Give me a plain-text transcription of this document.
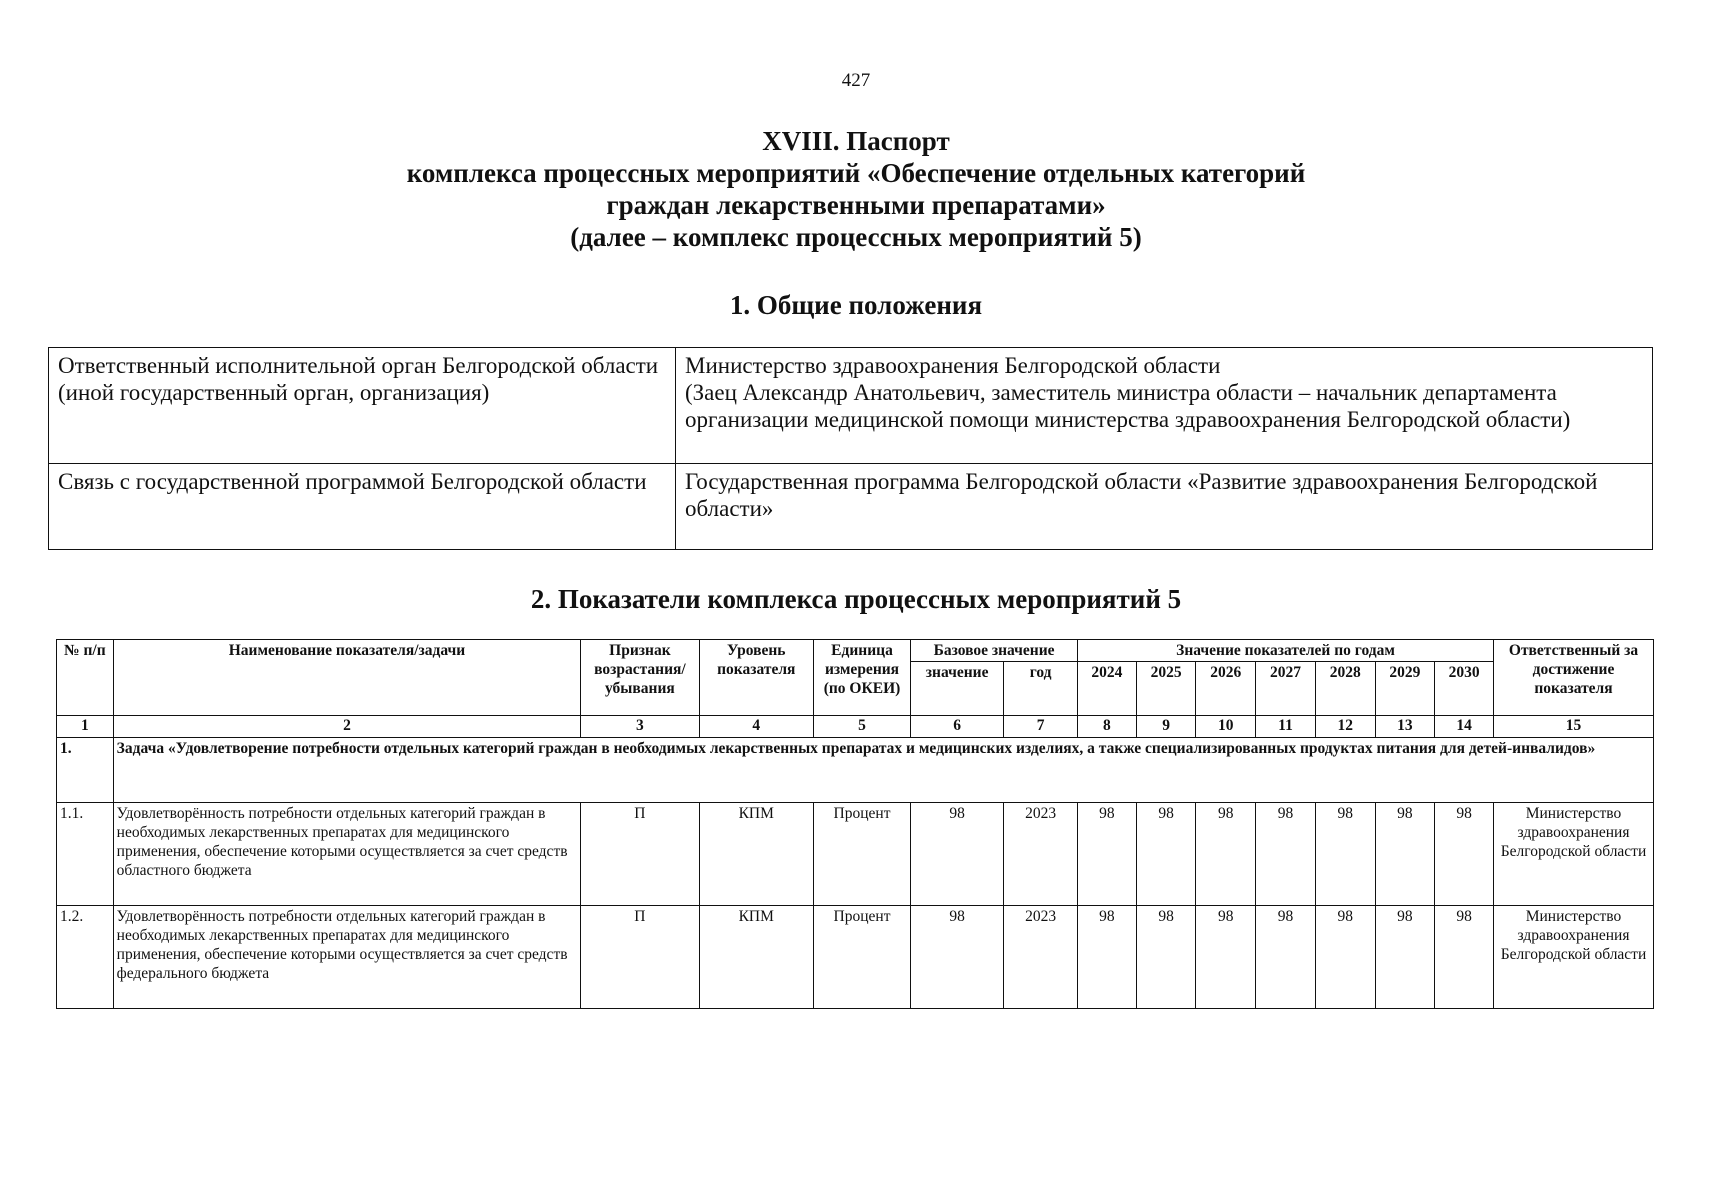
427
XVIII. Паспорт
комплекса процессных мероприятий «Обеспечение отдельных категорий
граждан лекарственными препаратами»
(далее – комплекс процессных мероприятий 5)
1. Общие положения
Ответственный исполнительной орган Белгородской области (иной государственный орган, организация)	Министерство здравоохранения Белгородской области
(Заец Александр Анатольевич, заместитель министра области – начальник департамента организации медицинской помощи министерства здравоохранения Белгородской области)

Связь с государственной программой Белгородской области	Государственная программа Белгородской области «Развитие здравоохранения Белгородской области»
2. Показатели комплекса процессных мероприятий 5
№ п/п	Наименование показателя/задачи	Признак возрастания/ убывания	Уровень показателя	Единица измерения (по ОКЕИ)	Базовое значение		Значение показателей по годам							Ответственный за достижение показателя
					значение	год	2024	2025	2026	2027	2028	2029	2030	
1	2	3	4	5	6	7	8	9	10	11	12	13	14	15
1.	Задача «Удовлетворение потребности отдельных категорий граждан в необходимых лекарственных препаратах и медицинских изделиях, а также специализированных продуктах питания для детей-инвалидов»													
1.1.	Удовлетворённость потребности отдельных категорий граждан в необходимых лекарственных препаратах для медицинского применения, обеспечение которыми осуществляется за счет средств областного бюджета	П	КПМ	Процент	98	2023	98	98	98	98	98	98	98	Министерство здравоохранения Белгородской области
1.2.	Удовлетворённость потребности отдельных категорий граждан в необходимых лекарственных препаратах для медицинского применения, обеспечение которыми осуществляется за счет средств федерального бюджета	П	КПМ	Процент	98	2023	98	98	98	98	98	98	98	Министерство здравоохранения Белгородской области
